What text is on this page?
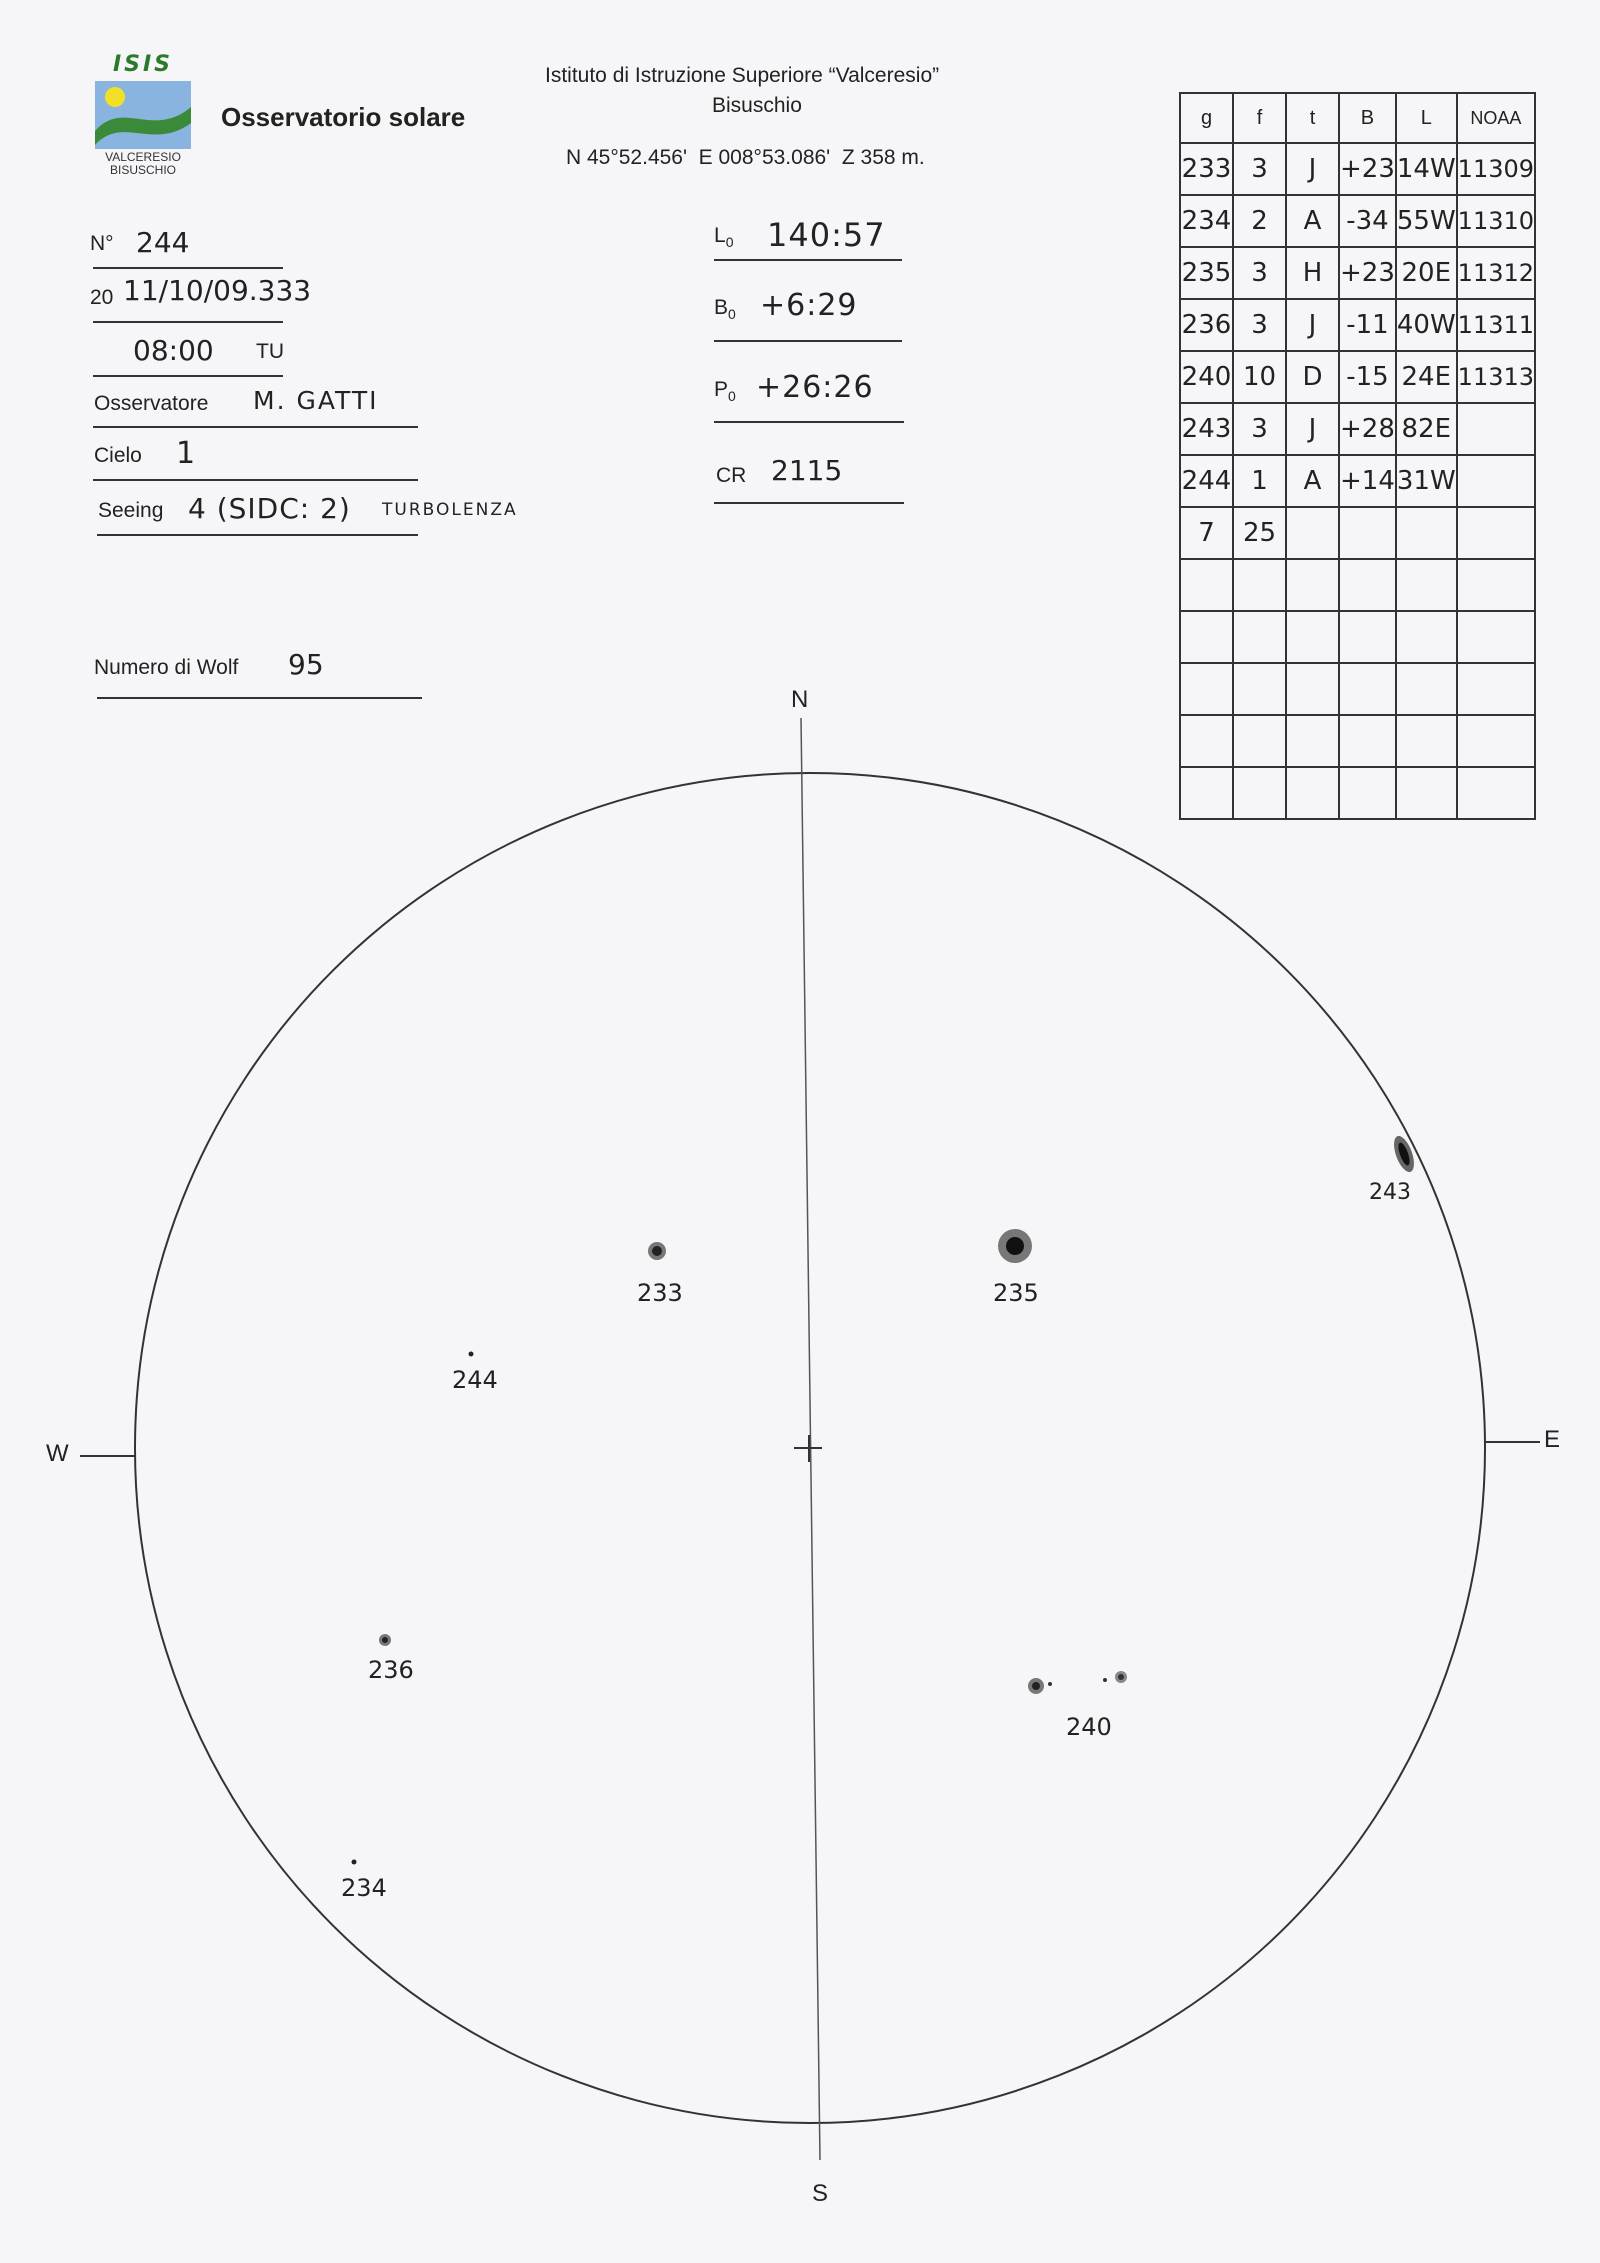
ISIS
VALCERESIO
BISUSCHIO
Osservatorio solare
Istituto di Istruzione Superiore “Valceresio”
Bisuschio
N 45°52.456'  E 008°53.086'  Z 358 m.
N° 244
20 11/10/09.333
08:00 TU
Osservatore M. GATTI
Cielo 1
Seeing 4 (SIDC: 2) TURBOLENZA
Numero di Wolf 95
$L_0$ 140:57
$B_0$ +6:29
$P_0$ +26:26
CR 2115
g	f	t	B	L	NOAA
233	3	J	+23	14W	11309
234	2	A	-34	55W	11310
235	3	H	+23	20E	11312
236	3	J	-11	40W	11311
240	10	D	-15	24E	11313
243	3	J	+28	82E	
244	1	A	+14	31W	
7	25				

N
S
E
W
233	235
243
244
236
240
234
